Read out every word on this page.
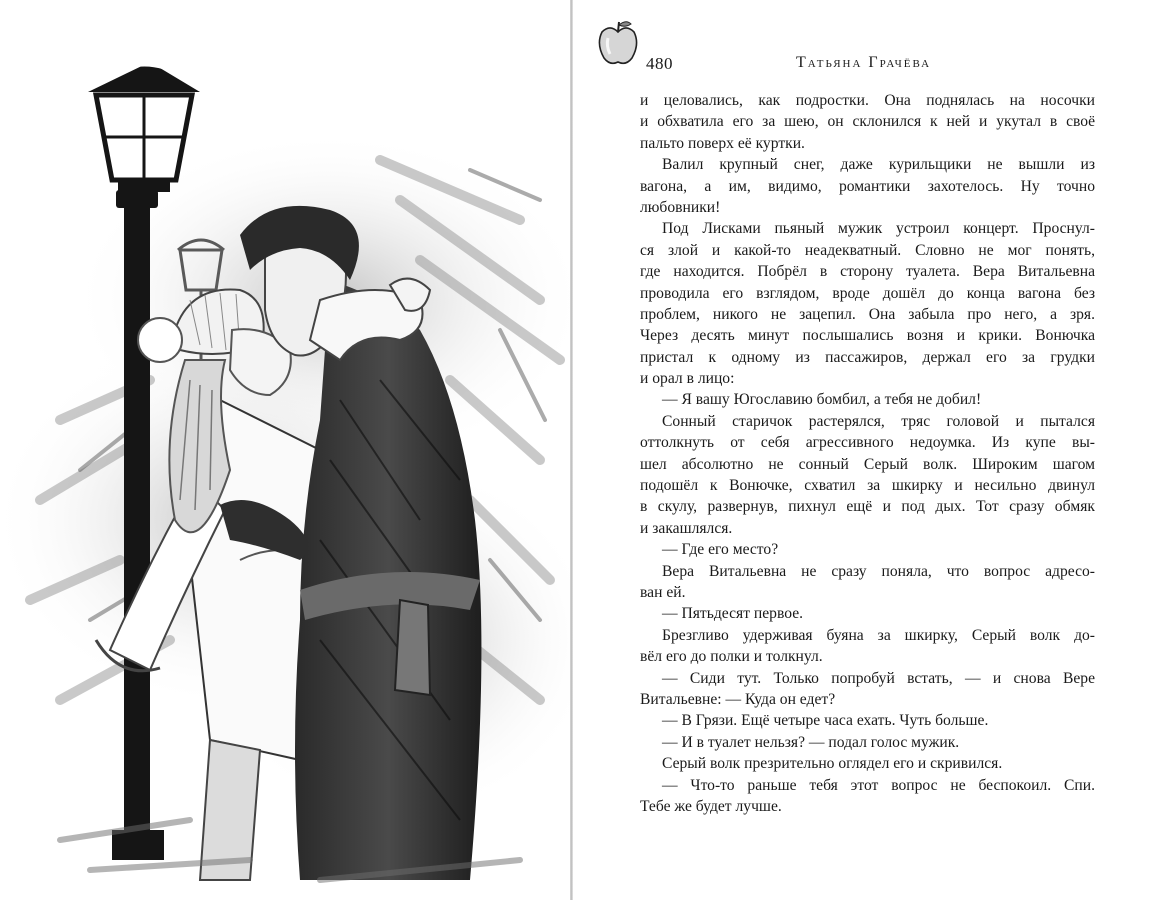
480	Татьяна Грачёва
и целовались, как подростки. Она поднялась на носочки
и обхватила его за шею, он склонился к ней и укутал в своё
пальто поверх её куртки.
Валил крупный снег, даже курильщики не вышли из
вагона, а им, видимо, романтики захотелось. Ну точно
любовники!
Под Лисками пьяный мужик устроил концерт. Проснул-
ся злой и какой-то неадекватный. Словно не мог понять,
где находится. Побрёл в сторону туалета. Вера Витальевна
проводила его взглядом, вроде дошёл до конца вагона без
проблем, никого не зацепил. Она забыла про него, а зря.
Через десять минут послышались возня и крики. Вонючка
пристал к одному из пассажиров, держал его за грудки
и орал в лицо:
— Я вашу Югославию бомбил, а тебя не добил!
Сонный старичок растерялся, тряс головой и пытался
оттолкнуть от себя агрессивного недоумка. Из купе вы-
шел абсолютно не сонный Серый волк. Широким шагом
подошёл к Вонючке, схватил за шкирку и несильно двинул
в скулу, развернув, пихнул ещё и под дых. Тот сразу обмяк
и закашлялся.
— Где его место?
Вера Витальевна не сразу поняла, что вопрос адресо-
ван ей.
— Пятьдесят первое.
Брезгливо удерживая буяна за шкирку, Серый волк до-
вёл его до полки и толкнул.
— Сиди тут. Только попробуй встать, — и снова Вере
Витальевне: — Куда он едет?
— В Грязи. Ещё четыре часа ехать. Чуть больше.
— И в туалет нельзя? — подал голос мужик.
Серый волк презрительно оглядел его и скривился.
— Что-то раньше тебя этот вопрос не беспокоил. Спи.
Тебе же будет лучше.
